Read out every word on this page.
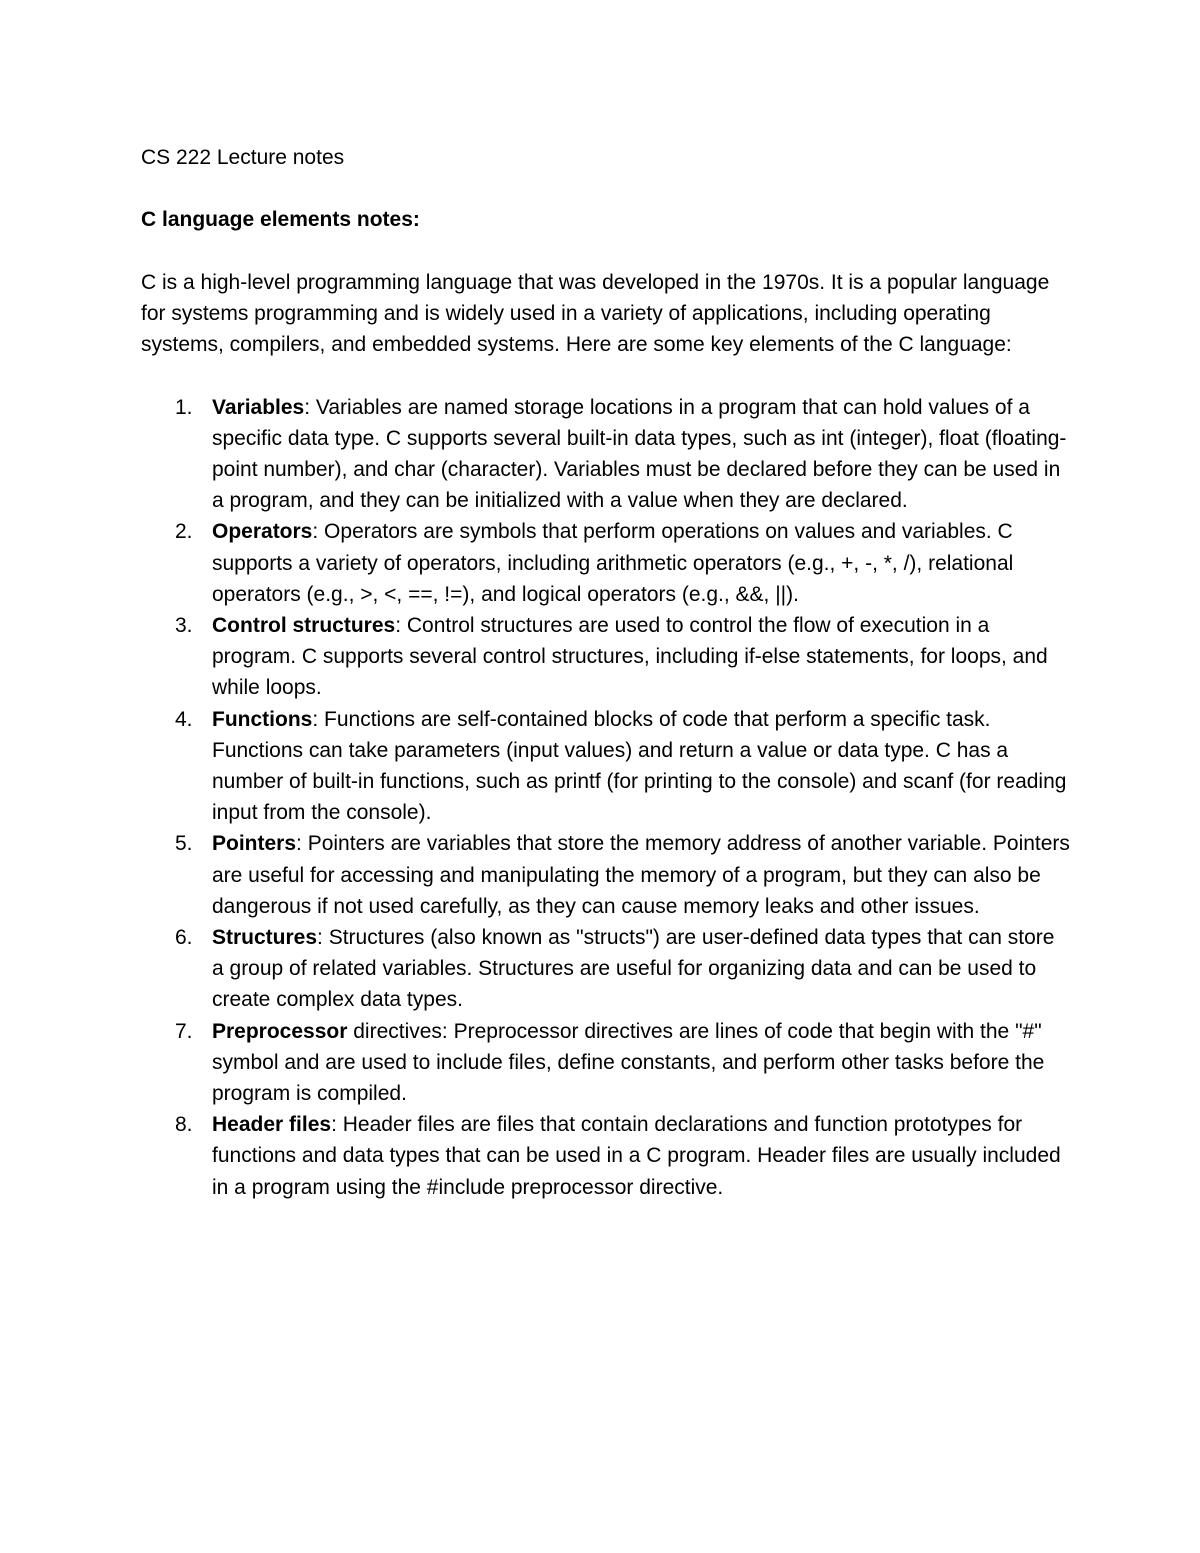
CS 222 Lecture notes

C language elements notes:

C is a high-level programming language that was developed in the 1970s. It is a popular language for systems programming and is widely used in a variety of applications, including operating systems, compilers, and embedded systems. Here are some key elements of the C language:

1. Variables: Variables are named storage locations in a program that can hold values of a specific data type. C supports several built-in data types, such as int (integer), float (floating-point number), and char (character). Variables must be declared before they can be used in a program, and they can be initialized with a value when they are declared.
2. Operators: Operators are symbols that perform operations on values and variables. C supports a variety of operators, including arithmetic operators (e.g., +, -, *, /), relational operators (e.g., >, <, ==, !=), and logical operators (e.g., &&, ||).
3. Control structures: Control structures are used to control the flow of execution in a program. C supports several control structures, including if-else statements, for loops, and while loops.
4. Functions: Functions are self-contained blocks of code that perform a specific task. Functions can take parameters (input values) and return a value or data type. C has a number of built-in functions, such as printf (for printing to the console) and scanf (for reading input from the console).
5. Pointers: Pointers are variables that store the memory address of another variable. Pointers are useful for accessing and manipulating the memory of a program, but they can also be dangerous if not used carefully, as they can cause memory leaks and other issues.
6. Structures: Structures (also known as "structs") are user-defined data types that can store a group of related variables. Structures are useful for organizing data and can be used to create complex data types.
7. Preprocessor directives: Preprocessor directives are lines of code that begin with the "#" symbol and are used to include files, define constants, and perform other tasks before the program is compiled.
8. Header files: Header files are files that contain declarations and function prototypes for functions and data types that can be used in a C program. Header files are usually included in a program using the #include preprocessor directive.
